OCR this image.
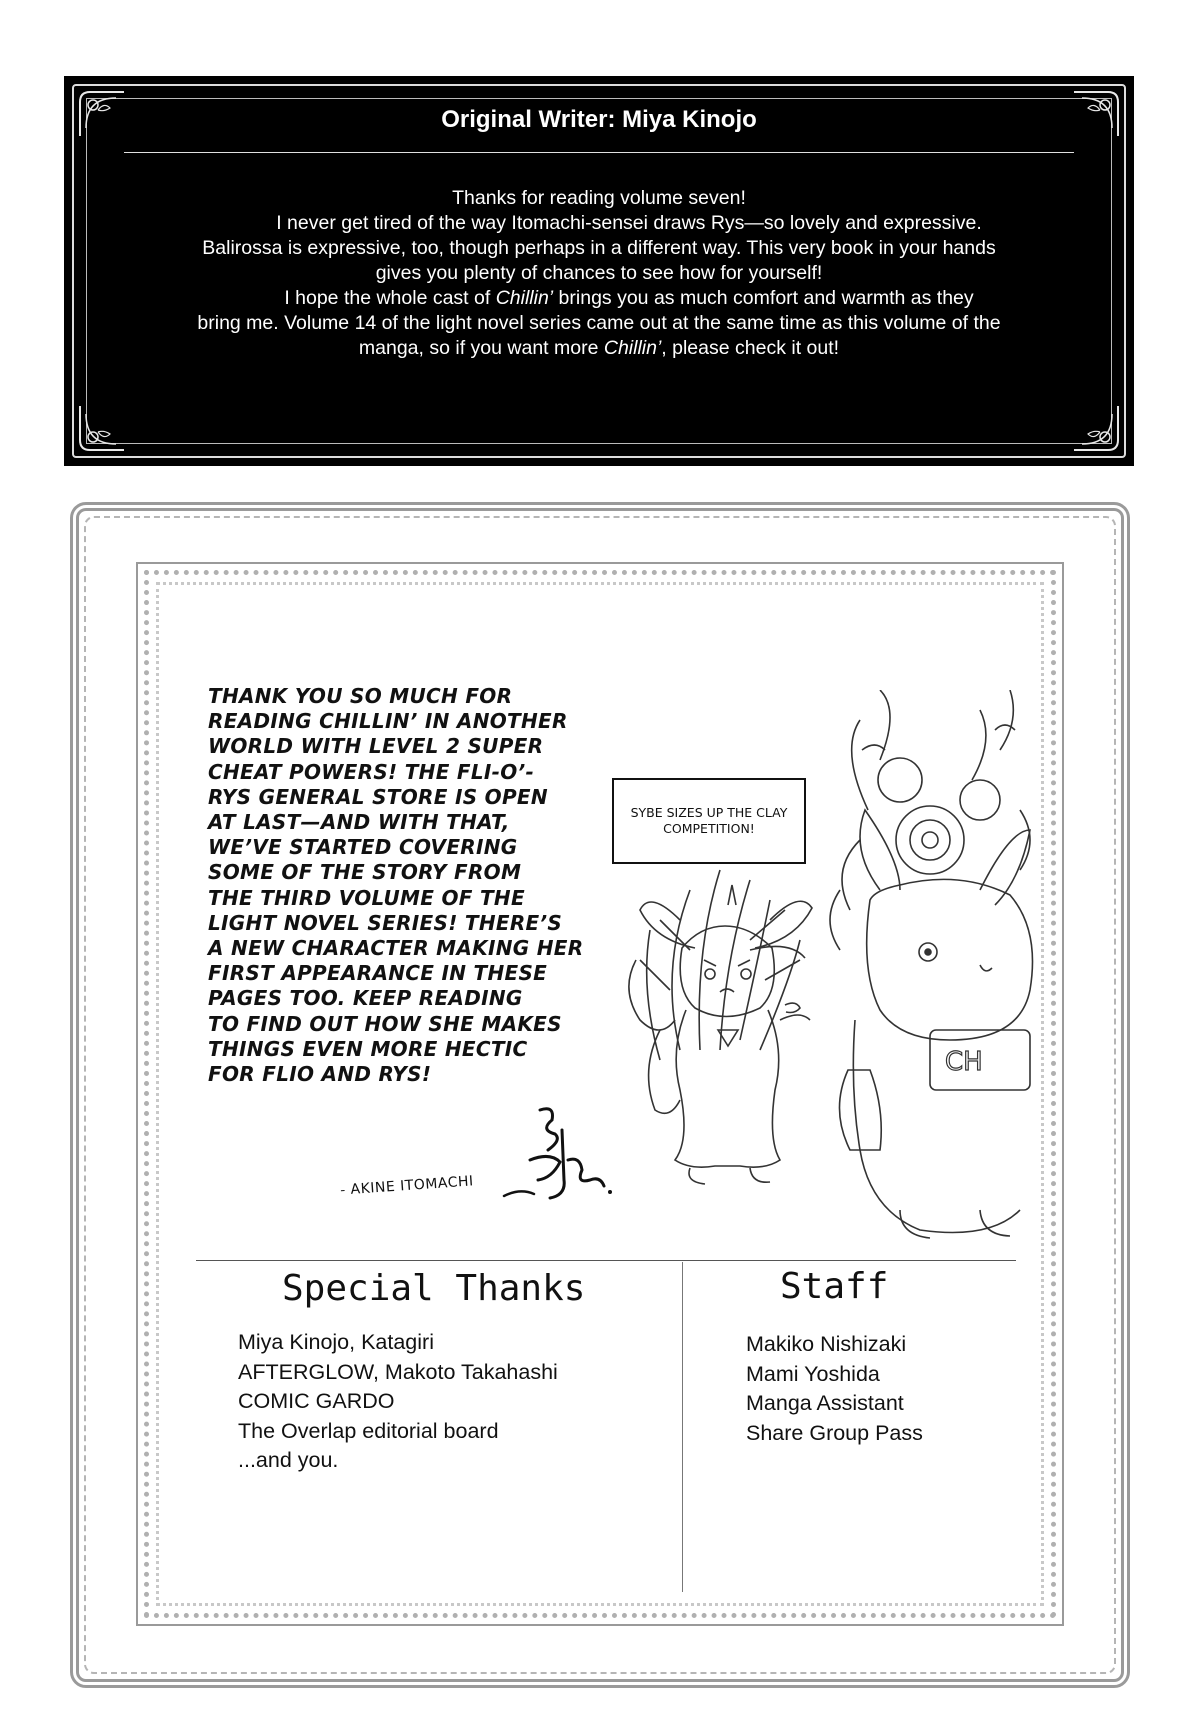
Original Writer: Miya Kinojo

Thanks for reading volume seven!

I never get tired of the way Itomachi-sensei draws Rys—so lovely and expressive.

Balirossa is expressive, too, though perhaps in a different way. This very book in your hands

gives you plenty of chances to see how for yourself!

I hope the whole cast of Chillin’ brings you as much comfort and warmth as they

bring me. Volume 14 of the light novel series came out at the same time as this volume of the

manga, so if you want more Chillin’, please check it out!

THANK YOU SO MUCH FOR
READING CHILLIN’ IN ANOTHER
WORLD WITH LEVEL 2 SUPER
CHEAT POWERS! THE FLI-O’-
RYS GENERAL STORE IS OPEN
AT LAST—AND WITH THAT,
WE’VE STARTED COVERING
SOME OF THE STORY FROM
THE THIRD VOLUME OF THE
LIGHT NOVEL SERIES! THERE’S
A NEW CHARACTER MAKING HER
FIRST APPEARANCE IN THESE
PAGES TOO. KEEP READING
TO FIND OUT HOW SHE MAKES
THINGS EVEN MORE HECTIC
FOR FLIO AND RYS!
- AKINE ITOMACHI
CH
SYBE SIZES UP THE CLAY COMPETITION!
Special Thanks
Miya Kinojo, Katagiri
AFTERGLOW, Makoto Takahashi
COMIC GARDO
The Overlap editorial board
...and you.
Staff
Makiko Nishizaki
Mami Yoshida
Manga Assistant
Share Group Pass
